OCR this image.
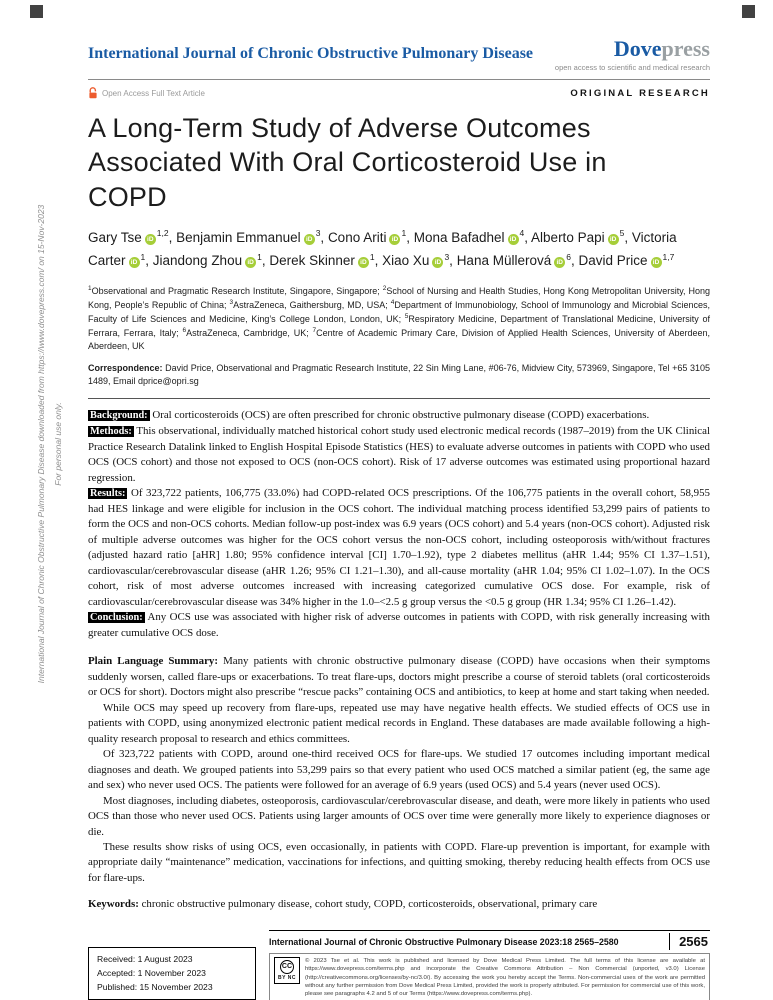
International Journal of Chronic Obstructive Pulmonary Disease downloaded from https://www.dovepress.com/ on 15-Nov-2023 For personal use only.
International Journal of Chronic Obstructive Pulmonary Disease	Dovepress
open access to scientific and medical research
Open Access Full Text Article	ORIGINAL RESEARCH
A Long-Term Study of Adverse Outcomes Associated With Oral Corticosteroid Use in COPD
Gary Tse iD$^{1,2}$ , Benjamin Emmanuel $iD^3$ , Cono Ariti $iD^1$ , Mona Bafadhel $iD^4$ , Alberto Papi $iD^5$ , Victoria Carter $iD^1$ , Jiandong Zhou $iD^1$ , Derek Skinner $iD^1$ , Xiao Xu $iD^3$ , Hana Müllerová $iD^6$ , David Price iD$^{1,7}$

$^1$Observational and Pragmatic Research Institute, Singapore, Singapore; $^2$School of Nursing and Health Studies, Hong Kong Metropolitan University, Hong Kong, People’s Republic of China; $^3$AstraZeneca, Gaithersburg, MD, USA; $^4$Department of Immunobiology, School of Immunology and Microbial Sciences, Faculty of Life Sciences and Medicine, King’s College London, London, UK; $^5$Respiratory Medicine, Department of Translational Medicine, University of Ferrara, Ferrara, Italy; $^6$AstraZeneca, Cambridge, UK; $^7$Centre of Academic Primary Care, Division of Applied Health Sciences, University of Aberdeen, Aberdeen, UK

Correspondence: David Price, Observational and Pragmatic Research Institute, 22 Sin Ming Lane, #06-76, Midview City, 573969, Singapore, Tel +65 3105 1489, Email dprice@opri.sg

Background: Oral corticosteroids (OCS) are often prescribed for chronic obstructive pulmonary disease (COPD) exacerbations.

Methods: This observational, individually matched historical cohort study used electronic medical records (1987–2019) from the UK Clinical Practice Research Datalink linked to English Hospital Episode Statistics (HES) to evaluate adverse outcomes in patients with COPD who used OCS (OCS cohort) and those not exposed to OCS (non-OCS cohort). Risk of 17 adverse outcomes was estimated using proportional hazard regression.

Results: Of 323,722 patients, 106,775 (33.0%) had COPD-related OCS prescriptions. Of the 106,775 patients in the overall cohort, 58,955 had HES linkage and were eligible for inclusion in the OCS cohort. The individual matching process identified 53,299 pairs of patients to form the OCS and non-OCS cohorts. Median follow-up post-index was 6.9 years (OCS cohort) and 5.4 years (non-OCS cohort). Adjusted risk of multiple adverse outcomes was higher for the OCS cohort versus the non-OCS cohort, including osteoporosis with/without fractures (adjusted hazard ratio [aHR] 1.80; 95% confidence interval [CI] 1.70–1.92), type 2 diabetes mellitus (aHR 1.44; 95% CI 1.37–1.51), cardiovascular/cerebrovascular disease (aHR 1.26; 95% CI 1.21–1.30), and all-cause mortality (aHR 1.04; 95% CI 1.02–1.07). In the OCS cohort, risk of most adverse outcomes increased with increasing categorized cumulative OCS dose. For example, risk of cardiovascular/cerebrovascular disease was 34% higher in the 1.0–<2.5 g group versus the <0.5 g group (HR 1.34; 95% CI 1.26–1.42).

Conclusion: Any OCS use was associated with higher risk of adverse outcomes in patients with COPD, with risk generally increasing with greater cumulative OCS dose.

Plain Language Summary: Many patients with chronic obstructive pulmonary disease (COPD) have occasions when their symptoms suddenly worsen, called flare-ups or exacerbations. To treat flare-ups, doctors might prescribe a course of steroid tablets (oral corticosteroids or OCS for short). Doctors might also prescribe “rescue packs” containing OCS and antibiotics, to keep at home and start taking when needed.

While OCS may speed up recovery from flare-ups, repeated use may have negative health effects. We studied effects of OCS use in patients with COPD, using anonymized electronic patient medical records in England. These databases are made available following a high-quality research proposal to research and ethics committees.

Of 323,722 patients with COPD, around one-third received OCS for flare-ups. We studied 17 outcomes including important medical diagnoses and death. We grouped patients into 53,299 pairs so that every patient who used OCS matched a similar patient (eg, the same age and sex) who never used OCS. The patients were followed for an average of 6.9 years (used OCS) and 5.4 years (never used OCS).

Most diagnoses, including diabetes, osteoporosis, cardiovascular/cerebrovascular disease, and death, were more likely in patients who used OCS than those who never used OCS. Patients using larger amounts of OCS over time were generally more likely to experience diagnoses or die.

These results show risks of using OCS, even occasionally, in patients with COPD. Flare-up prevention is important, for example with appropriate daily “maintenance” medication, vaccinations for infections, and quitting smoking, thereby reducing health effects from OCS use for flare-ups.

Keywords: chronic obstructive pulmonary disease, cohort study, COPD, corticosteroids, observational, primary care

Received: 1 August 2023
Accepted: 1 November 2023
Published: 15 November 2023
International Journal of Chronic Obstructive Pulmonary Disease 2023:18 2565–2580	2565
CC
BY NC

© 2023 Tse et al. This work is published and licensed by Dove Medical Press Limited. The full terms of this license are available at https://www.dovepress.com/terms.php and incorporate the Creative Commons Attribution – Non Commercial (unported, v3.0) License (http://creativecommons.org/licenses/by-nc/3.0/). By accessing the work you hereby accept the Terms. Non-commercial uses of the work are permitted without any further permission from Dove Medical Press Limited, provided the work is properly attributed. For permission for commercial use of this work, please see paragraphs 4.2 and 5 of our Terms (https://www.dovepress.com/terms.php).
